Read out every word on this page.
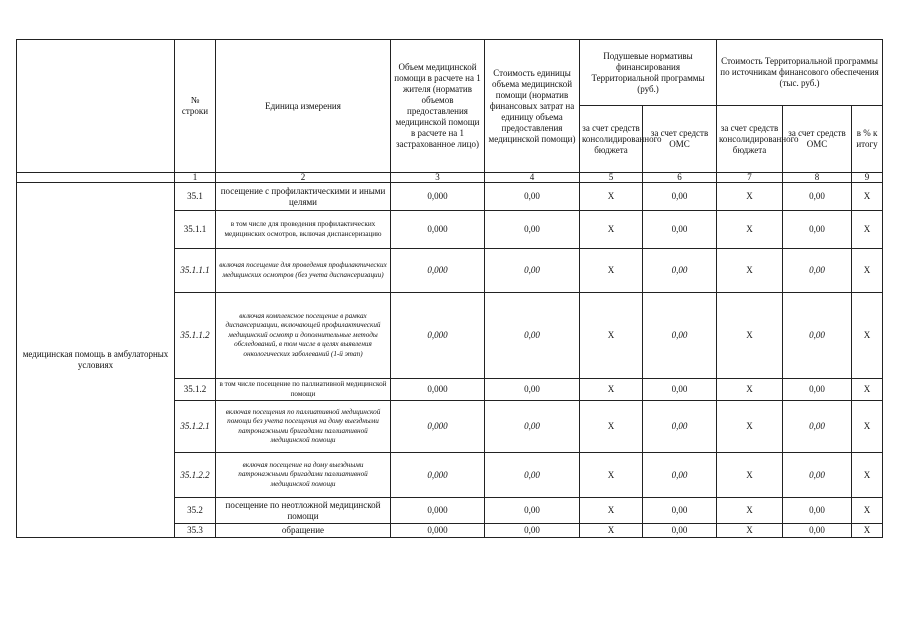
	№ строки	Единица измерения	Объем медицинской помощи в расчете на 1 жителя (норматив объемов предоставления медицинской помощи в расчете на 1 застрахованное лицо)	Стоимость единицы объема медицинской помощи (норматив финансовых затрат на единицу объема предоставления медицинской помощи)	Подушевые нормативы финансирования Территориальной программы (руб.)		Стоимость Территориальной программы по источникам финансового обеспечения (тыс. руб.)		
					за счет средств консолидированного бюджета	за счет средств ОМС	за счет средств консолидированного бюджета	за счет средств ОМС	в % к итогу
	1	2	3	4	5	6	7	8	9
медицинская помощь в амбулаторных условиях	35.1	посещение с профилактическими и иными целями	0,000	0,00	X	0,00	X	0,00	X
	35.1.1	в том числе для проведения профилактических медицинских осмотров, включая диспансеризацию	0,000	0,00	X	0,00	X	0,00	X
	35.1.1.1	включая посещение для проведения профилактических медицинских осмотров (без учета диспансеризации)	0,000	0,00	X	0,00	X	0,00	X
	35.1.1.2	включая комплексное посещение в рамках диспансеризации, включающей профилактический медицинский осмотр и дополнительные методы обследований, в том числе в целях выявления онкологических заболеваний (1-й этап)	0,000	0,00	X	0,00	X	0,00	X
	35.1.2	в том числе посещение по паллиативной медицинской помощи	0,000	0,00	X	0,00	X	0,00	X
	35.1.2.1	включая посещения по паллиативной медицинской помощи без учета посещения на дому выездными патронажными бригадами паллиативной медицинской помощи	0,000	0,00	X	0,00	X	0,00	X
	35.1.2.2	включая посещение на дому выездными патронажными бригадами паллиативной медицинской помощи	0,000	0,00	X	0,00	X	0,00	X
	35.2	посещение по неотложной медицинской помощи	0,000	0,00	X	0,00	X	0,00	X
	35.3	обращение	0,000	0,00	X	0,00	X	0,00	X
